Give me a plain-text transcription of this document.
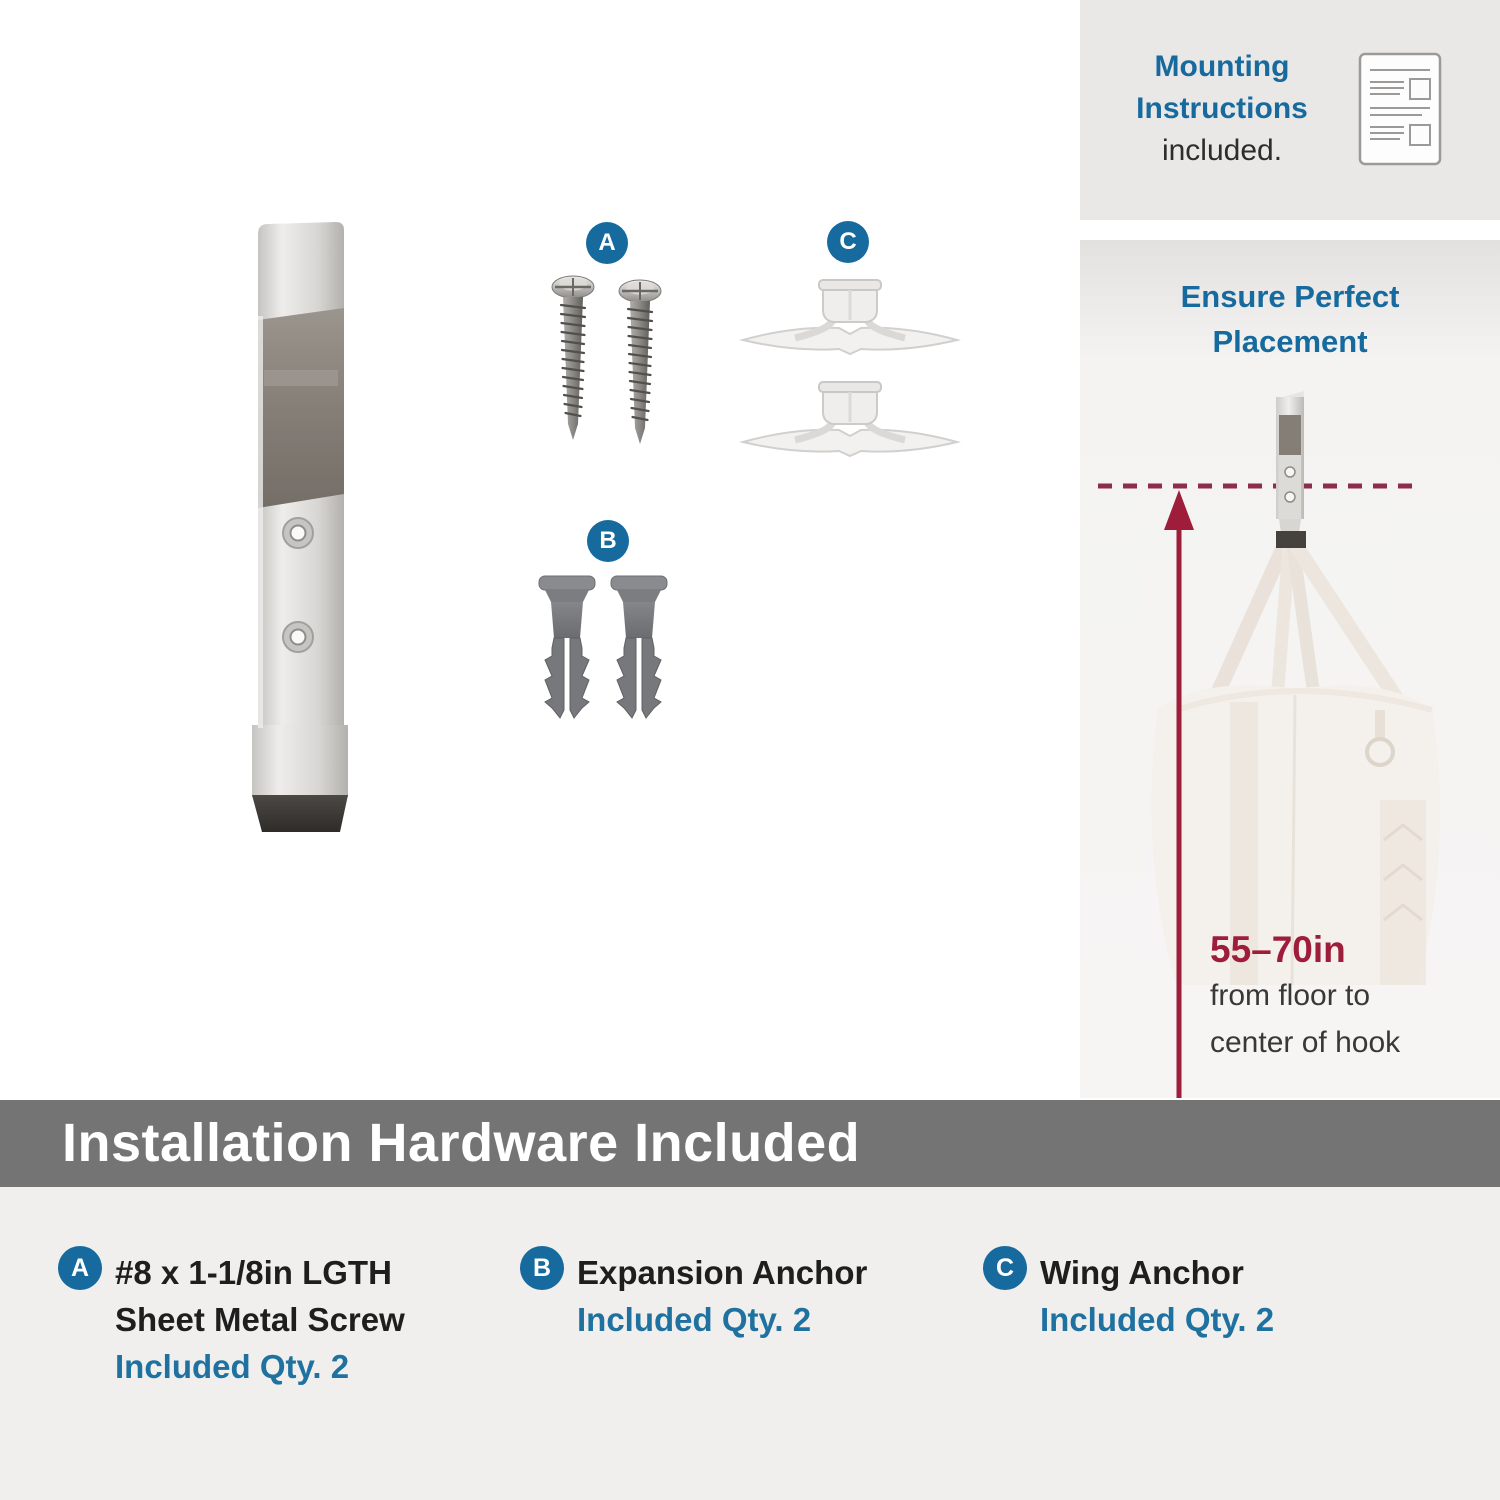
A	C
B
Mounting
Instructions
included.
Ensure Perfect
Placement
55–70in
from floor to
center of hook
Installation Hardware Included
A #8 x 1-1/8in LGTH
Sheet Metal Screw
Included Qty. 2
B Expansion Anchor
Included Qty. 2
C Wing Anchor
Included Qty. 2
